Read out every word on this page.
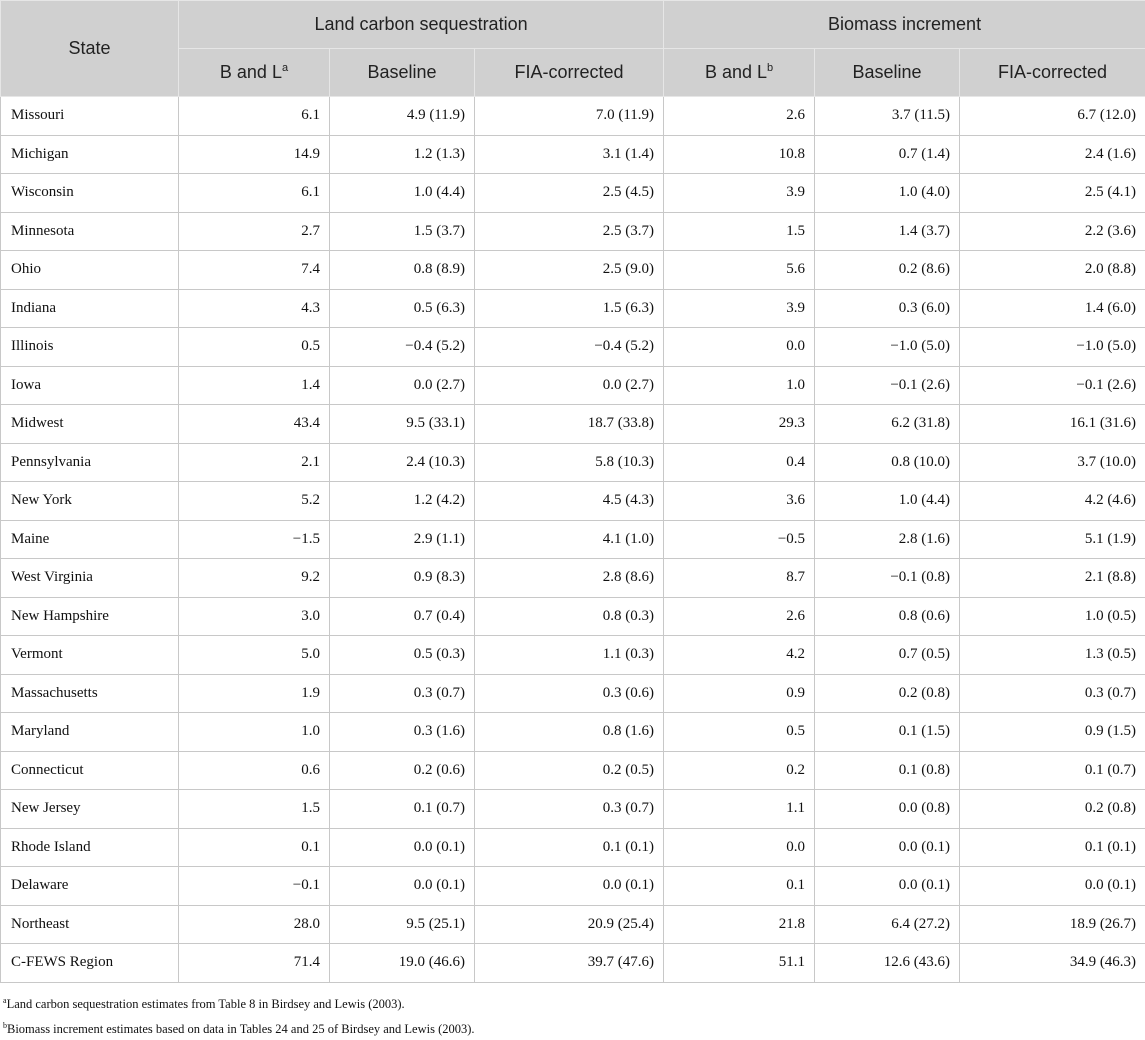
State	Land carbon sequestration			Biomass increment		
	B and $L^a$	Baseline	FIA-corrected	B and $L^b$	Baseline	FIA-corrected
Missouri	6.1	4.9 (11.9)	7.0 (11.9)	2.6	3.7 (11.5)	6.7 (12.0)
Michigan	14.9	1.2 (1.3)	3.1 (1.4)	10.8	0.7 (1.4)	2.4 (1.6)
Wisconsin	6.1	1.0 (4.4)	2.5 (4.5)	3.9	1.0 (4.0)	2.5 (4.1)
Minnesota	2.7	1.5 (3.7)	2.5 (3.7)	1.5	1.4 (3.7)	2.2 (3.6)
Ohio	7.4	0.8 (8.9)	2.5 (9.0)	5.6	0.2 (8.6)	2.0 (8.8)
Indiana	4.3	0.5 (6.3)	1.5 (6.3)	3.9	0.3 (6.0)	1.4 (6.0)
Illinois	0.5	−0.4 (5.2)	−0.4 (5.2)	0.0	−1.0 (5.0)	−1.0 (5.0)
Iowa	1.4	0.0 (2.7)	0.0 (2.7)	1.0	−0.1 (2.6)	−0.1 (2.6)
Midwest	43.4	9.5 (33.1)	18.7 (33.8)	29.3	6.2 (31.8)	16.1 (31.6)
Pennsylvania	2.1	2.4 (10.3)	5.8 (10.3)	0.4	0.8 (10.0)	3.7 (10.0)
New York	5.2	1.2 (4.2)	4.5 (4.3)	3.6	1.0 (4.4)	4.2 (4.6)
Maine	−1.5	2.9 (1.1)	4.1 (1.0)	−0.5	2.8 (1.6)	5.1 (1.9)
West Virginia	9.2	0.9 (8.3)	2.8 (8.6)	8.7	−0.1 (0.8)	2.1 (8.8)
New Hampshire	3.0	0.7 (0.4)	0.8 (0.3)	2.6	0.8 (0.6)	1.0 (0.5)
Vermont	5.0	0.5 (0.3)	1.1 (0.3)	4.2	0.7 (0.5)	1.3 (0.5)
Massachusetts	1.9	0.3 (0.7)	0.3 (0.6)	0.9	0.2 (0.8)	0.3 (0.7)
Maryland	1.0	0.3 (1.6)	0.8 (1.6)	0.5	0.1 (1.5)	0.9 (1.5)
Connecticut	0.6	0.2 (0.6)	0.2 (0.5)	0.2	0.1 (0.8)	0.1 (0.7)
New Jersey	1.5	0.1 (0.7)	0.3 (0.7)	1.1	0.0 (0.8)	0.2 (0.8)
Rhode Island	0.1	0.0 (0.1)	0.1 (0.1)	0.0	0.0 (0.1)	0.1 (0.1)
Delaware	−0.1	0.0 (0.1)	0.0 (0.1)	0.1	0.0 (0.1)	0.0 (0.1)
Northeast	28.0	9.5 (25.1)	20.9 (25.4)	21.8	6.4 (27.2)	18.9 (26.7)
C-FEWS Region	71.4	19.0 (46.6)	39.7 (47.6)	51.1	12.6 (43.6)	34.9 (46.3)
$^a$Land carbon sequestration estimates from Table 8 in Birdsey and Lewis (2003).
$^b$Biomass increment estimates based on data in Tables 24 and 25 of Birdsey and Lewis (2003).
